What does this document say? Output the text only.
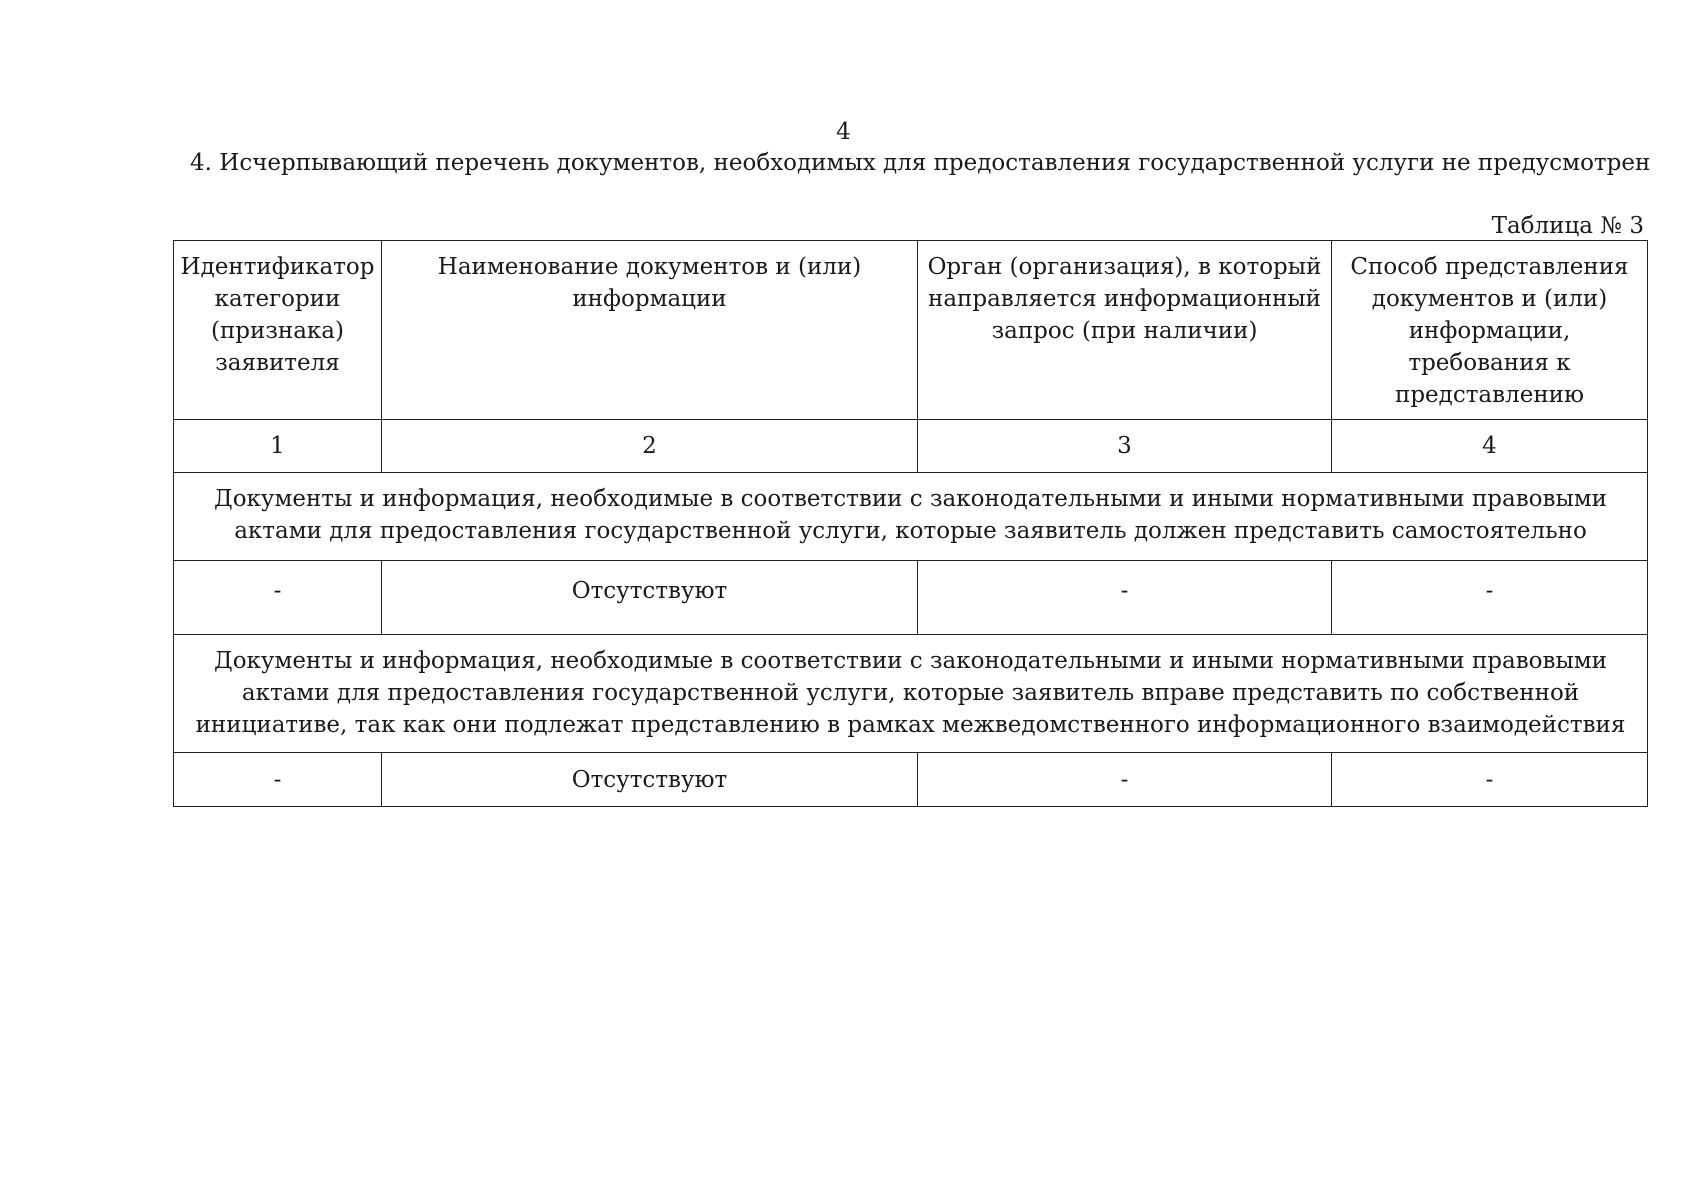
4
4. Исчерпывающий перечень документов, необходимых для предоставления государственной услуги не предусмотрен
Таблица № 3
Идентификатор категории (признака) заявителя	Наименование документов и (или) информации	Орган (организация), в который направляется информационный запрос (при наличии)	Способ представления документов и (или) информации, требования к представлению
1	2	3	4
Документы и информация, необходимые в соответствии с законодательными и иными нормативными правовыми актами для предоставления государственной услуги, которые заявитель должен представить самостоятельно			
-	Отсутствуют	-	-
Документы и информация, необходимые в соответствии с законодательными и иными нормативными правовыми актами для предоставления государственной услуги, которые заявитель вправе представить по собственной инициативе, так как они подлежат представлению в рамках межведомственного информационного взаимодействия			
-	Отсутствуют	-	-
